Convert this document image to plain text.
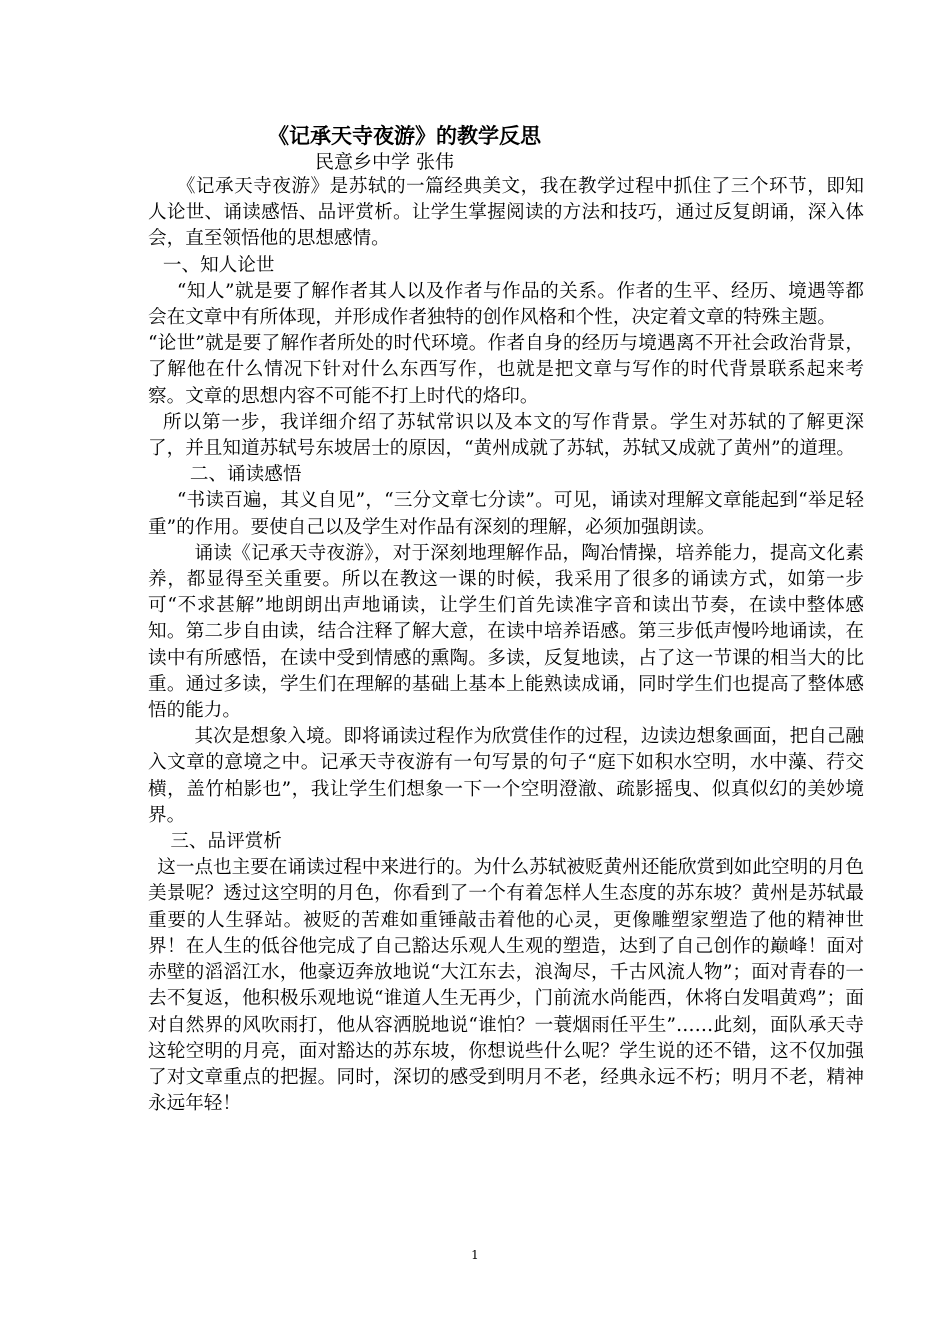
《记承天寺夜游》的教学反思
民意乡中学 张伟

《记承天寺夜游》是苏轼的一篇经典美文，我在教学过程中抓住了三个环节，即知人论世、诵读感悟、品评赏析。让学生掌握阅读的方法和技巧，通过反复朗诵，深入体会，直至领悟他的思想感情。

一、知人论世

“知人”就是要了解作者其人以及作者与作品的关系。作者的生平、经历、境遇等都会在文章中有所体现，并形成作者独特的创作风格和个性，决定着文章的特殊主题。

“论世”就是要了解作者所处的时代环境。作者自身的经历与境遇离不开社会政治背景，了解他在什么情况下针对什么东西写作，也就是把文章与写作的时代背景联系起来考察。文章的思想内容不可能不打上时代的烙印。

所以第一步，我详细介绍了苏轼常识以及本文的写作背景。学生对苏轼的了解更深了，并且知道苏轼号东坡居士的原因，“黄州成就了苏轼，苏轼又成就了黄州”的道理。

二、诵读感悟

“书读百遍，其义自见”，“三分文章七分读”。可见，诵读对理解文章能起到“举足轻重”的作用。要使自己以及学生对作品有深刻的理解，必须加强朗读。

诵读《记承天寺夜游》，对于深刻地理解作品，陶冶情操，培养能力，提高文化素养，都显得至关重要。所以在教这一课的时候，我采用了很多的诵读方式，如第一步可“不求甚解”地朗朗出声地诵读，让学生们首先读准字音和读出节奏，在读中整体感知。第二步自由读，结合注释了解大意，在读中培养语感。第三步低声慢吟地诵读，在读中有所感悟，在读中受到情感的熏陶。多读，反复地读，占了这一节课的相当大的比重。通过多读，学生们在理解的基础上基本上能熟读成诵，同时学生们也提高了整体感悟的能力。

其次是想象入境。即将诵读过程作为欣赏佳作的过程，边读边想象画面，把自己融入文章的意境之中。记承天寺夜游有一句写景的句子“庭下如积水空明，水中藻、荇交横，盖竹柏影也”，我让学生们想象一下一个空明澄澈、疏影摇曳、似真似幻的美妙境界。

三、品评赏析

这一点也主要在诵读过程中来进行的。为什么苏轼被贬黄州还能欣赏到如此空明的月色美景呢？透过这空明的月色，你看到了一个有着怎样人生态度的苏东坡？黄州是苏轼最重要的人生驿站。被贬的苦难如重锤敲击着他的心灵，更像雕塑家塑造了他的精神世界！在人生的低谷他完成了自己豁达乐观人生观的塑造，达到了自己创作的巅峰！面对赤壁的滔滔江水，他豪迈奔放地说“大江东去，浪淘尽，千古风流人物”；面对青春的一去不复返，他积极乐观地说“谁道人生无再少，门前流水尚能西，休将白发唱黄鸡”；面对自然界的风吹雨打，他从容洒脱地说“谁怕？一蓑烟雨任平生”……此刻，面队承天寺这轮空明的月亮，面对豁达的苏东坡，你想说些什么呢？学生说的还不错，这不仅加强了对文章重点的把握。同时，深切的感受到明月不老，经典永远不朽；明月不老，精神永远年轻！

1
